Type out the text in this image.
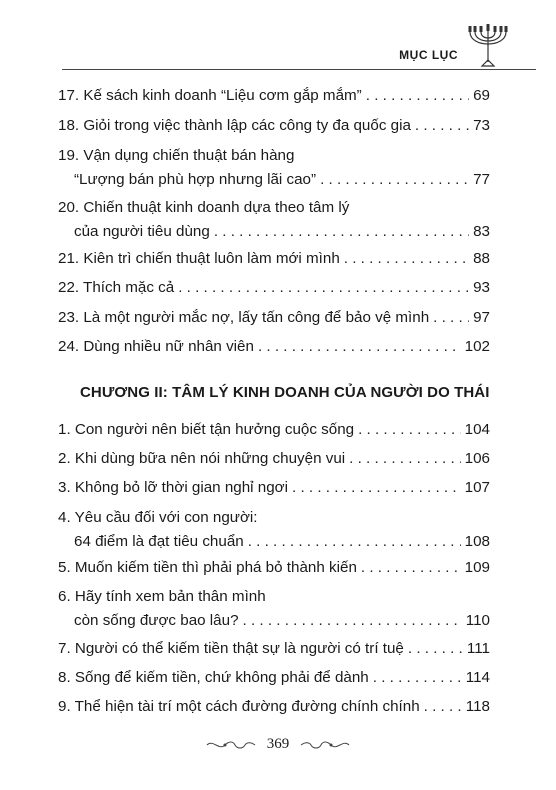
MỤC LỤC
17. Kế sách kinh doanh “Liệu cơm gắp mắm” . . .	69
18. Giỏi trong việc thành lập các công ty đa quốc gia . . .	73
19. Vận dụng chiến thuật bán hàng
“Lượng bán phù hợp nhưng lãi cao” . . .	77
20. Chiến thuật kinh doanh dựa theo tâm lý
của người tiêu dùng . . .	83
21. Kiên trì chiến thuật luôn làm mới mình . . .	88
22. Thích mặc cả . . .	93
23. Là một người mắc nợ, lấy tấn công để bảo vệ mình . . .	97
24. Dùng nhiều nữ nhân viên . . .	102
CHƯƠNG II: TÂM LÝ KINH DOANH CỦA NGƯỜI DO THÁI
1. Con người nên biết tận hưởng cuộc sống . . .	104
2. Khi dùng bữa nên nói những chuyện vui . . .	106
3. Không bỏ lỡ thời gian nghỉ ngơi . . .	107
4. Yêu cầu đối với con người:
64 điểm là đạt tiêu chuẩn . . .	108
5. Muốn kiếm tiền thì phải phá bỏ thành kiến . . .	109
6. Hãy tính xem bản thân mình
còn sống được bao lâu? . . .	110
7. Người có thể kiếm tiền thật sự là người có trí tuệ . . .	111
8. Sống để kiếm tiền, chứ không phải để dành . . .	114
9. Thể hiện tài trí một cách đường đường chính chính . . .	118
369
